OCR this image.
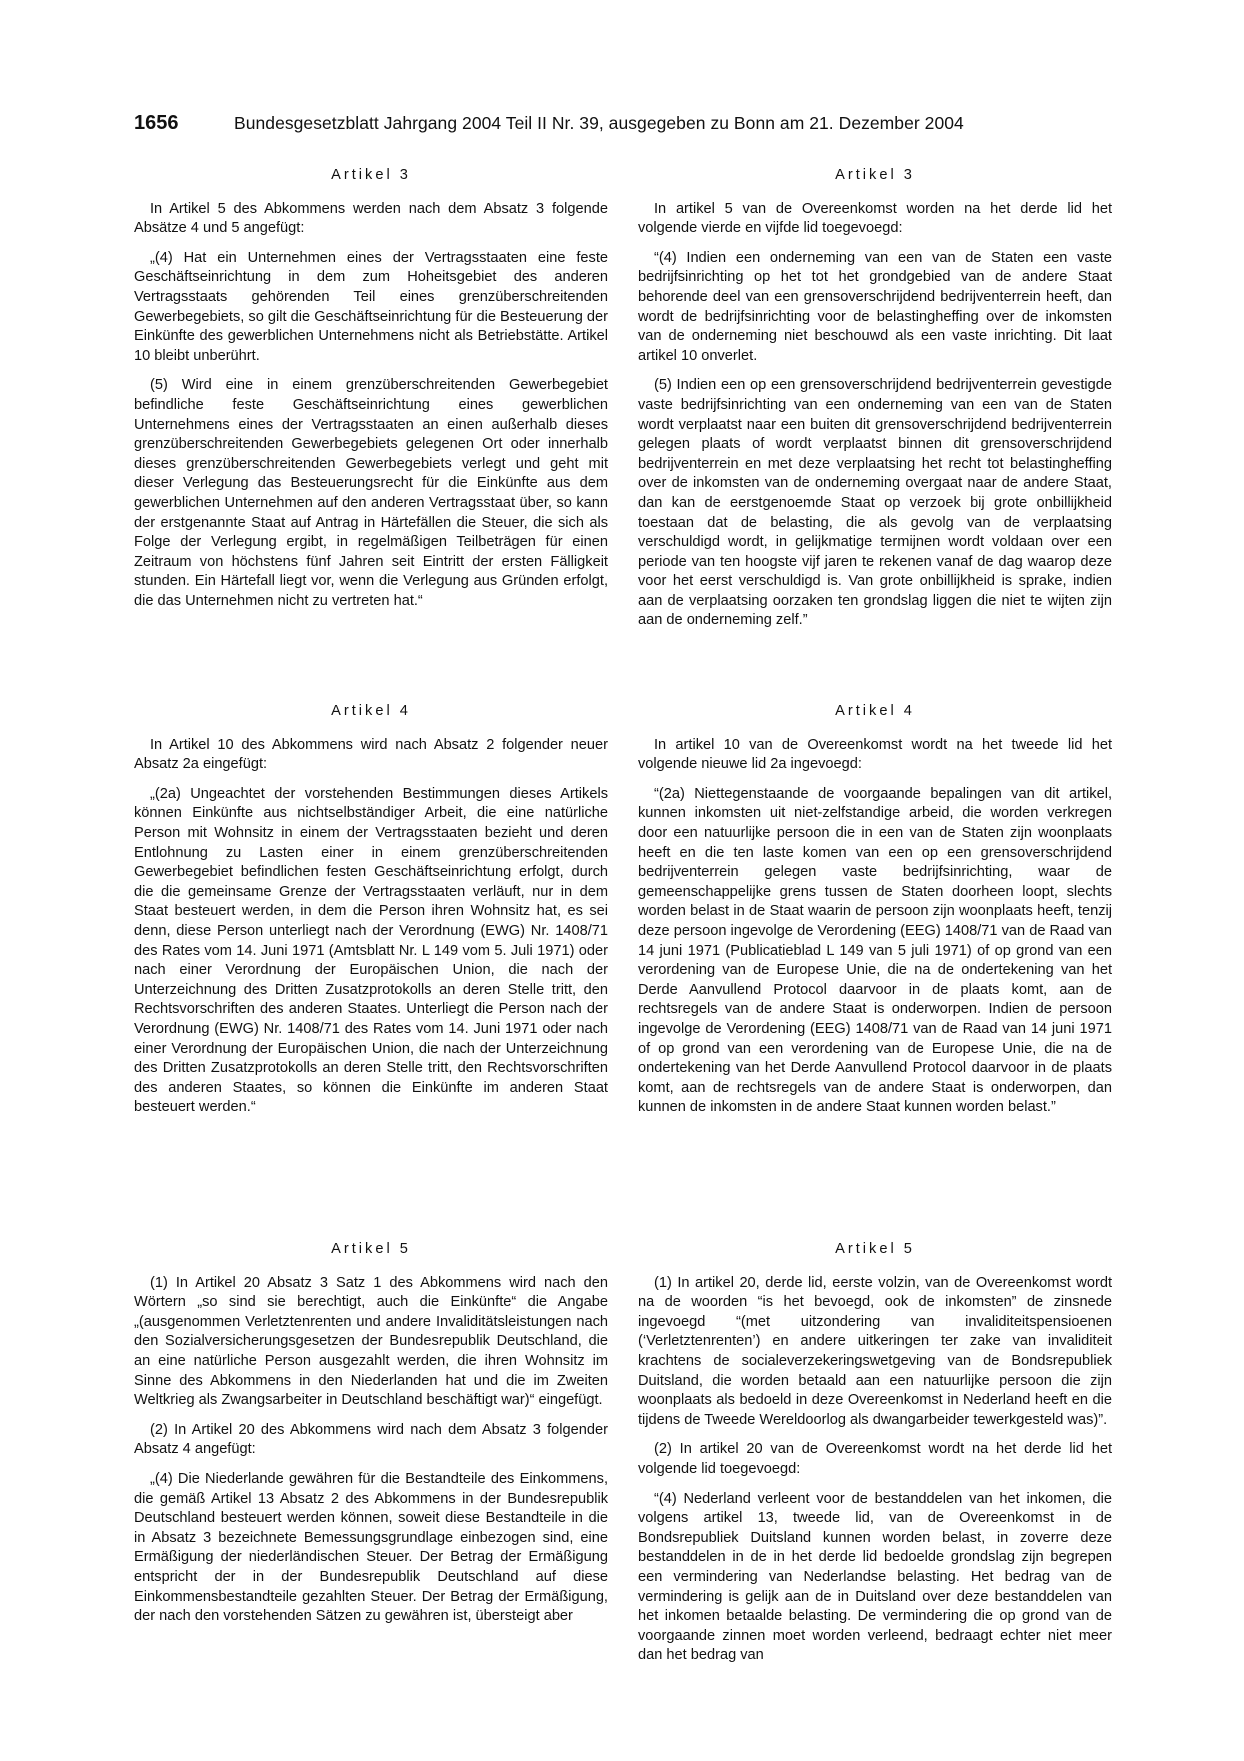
1656	Bundesgesetzblatt Jahrgang 2004 Teil II Nr. 39, ausgegeben zu Bonn am 21. Dezember 2004
Artikel 3

In Artikel 5 des Abkommens werden nach dem Absatz 3 folgende Absätze 4 und 5 angefügt:

„(4) Hat ein Unternehmen eines der Vertragsstaaten eine feste Geschäftseinrichtung in dem zum Hoheitsgebiet des anderen Vertragsstaats gehörenden Teil eines grenzüberschreitenden Gewerbegebiets, so gilt die Geschäftseinrichtung für die Besteuerung der Einkünfte des gewerblichen Unternehmens nicht als Betriebstätte. Artikel 10 bleibt unberührt.

(5) Wird eine in einem grenzüberschreitenden Gewerbegebiet befindliche feste Geschäftseinrichtung eines gewerblichen Unternehmens eines der Vertragsstaaten an einen außerhalb dieses grenzüberschreitenden Gewerbegebiets gelegenen Ort oder innerhalb dieses grenzüberschreitenden Gewerbegebiets verlegt und geht mit dieser Verlegung das Besteuerungsrecht für die Einkünfte aus dem gewerblichen Unternehmen auf den anderen Vertragsstaat über, so kann der erstgenannte Staat auf Antrag in Härtefällen die Steuer, die sich als Folge der Verlegung ergibt, in regelmäßigen Teilbeträgen für einen Zeitraum von höchstens fünf Jahren seit Eintritt der ersten Fälligkeit stunden. Ein Härtefall liegt vor, wenn die Verlegung aus Gründen erfolgt, die das Unternehmen nicht zu vertreten hat.“

Artikel 4

In Artikel 10 des Abkommens wird nach Absatz 2 folgender neuer Absatz 2a eingefügt:

„(2a) Ungeachtet der vorstehenden Bestimmungen dieses Artikels können Einkünfte aus nichtselbständiger Arbeit, die eine natürliche Person mit Wohnsitz in einem der Vertragsstaaten bezieht und deren Entlohnung zu Lasten einer in einem grenzüberschreitenden Gewerbegebiet befindlichen festen Geschäftseinrichtung erfolgt, durch die die gemeinsame Grenze der Vertragsstaaten verläuft, nur in dem Staat besteuert werden, in dem die Person ihren Wohnsitz hat, es sei denn, diese Person unterliegt nach der Verordnung (EWG) Nr. 1408/71 des Rates vom 14. Juni 1971 (Amtsblatt Nr. L 149 vom 5. Juli 1971) oder nach einer Verordnung der Europäischen Union, die nach der Unterzeichnung des Dritten Zusatzprotokolls an deren Stelle tritt, den Rechtsvorschriften des anderen Staates. Unterliegt die Person nach der Verordnung (EWG) Nr. 1408/71 des Rates vom 14. Juni 1971 oder nach einer Verordnung der Europäischen Union, die nach der Unterzeichnung des Dritten Zusatzprotokolls an deren Stelle tritt, den Rechtsvorschriften des anderen Staates, so können die Einkünfte im anderen Staat besteuert werden.“

Artikel 5

(1) In Artikel 20 Absatz 3 Satz 1 des Abkommens wird nach den Wörtern „so sind sie berechtigt, auch die Einkünfte“ die Angabe „(ausgenommen Verletztenrenten und andere Invaliditätsleistungen nach den Sozialversicherungsgesetzen der Bundesrepublik Deutschland, die an eine natürliche Person ausgezahlt werden, die ihren Wohnsitz im Sinne des Abkommens in den Niederlanden hat und die im Zweiten Weltkrieg als Zwangsarbeiter in Deutschland beschäftigt war)“ eingefügt.

(2) In Artikel 20 des Abkommens wird nach dem Absatz 3 folgender Absatz 4 angefügt:

„(4) Die Niederlande gewähren für die Bestandteile des Einkommens, die gemäß Artikel 13 Absatz 2 des Abkommens in der Bundesrepublik Deutschland besteuert werden können, soweit diese Bestandteile in die in Absatz 3 bezeichnete Bemessungsgrundlage einbezogen sind, eine Ermäßigung der niederländischen Steuer. Der Betrag der Ermäßigung entspricht der in der Bundesrepublik Deutschland auf diese Einkommensbestandteile gezahlten Steuer. Der Betrag der Ermäßigung, der nach den vorstehenden Sätzen zu gewähren ist, übersteigt aber

Artikel 3

In artikel 5 van de Overeenkomst worden na het derde lid het volgende vierde en vijfde lid toegevoegd:

“(4) Indien een onderneming van een van de Staten een vaste bedrijfsinrichting op het tot het grondgebied van de andere Staat behorende deel van een grensoverschrijdend bedrijventerrein heeft, dan wordt de bedrijfsinrichting voor de belastingheffing over de inkomsten van de onderneming niet beschouwd als een vaste inrichting. Dit laat artikel 10 onverlet.

(5) Indien een op een grensoverschrijdend bedrijventerrein gevestigde vaste bedrijfsinrichting van een onderneming van een van de Staten wordt verplaatst naar een buiten dit grensoverschrijdend bedrijventerrein gelegen plaats of wordt verplaatst binnen dit grensoverschrijdend bedrijventerrein en met deze verplaatsing het recht tot belastingheffing over de inkomsten van de onderneming overgaat naar de andere Staat, dan kan de eerstgenoemde Staat op verzoek bij grote onbillijkheid toestaan dat de belasting, die als gevolg van de verplaatsing verschuldigd wordt, in gelijkmatige termijnen wordt voldaan over een periode van ten hoogste vijf jaren te rekenen vanaf de dag waarop deze voor het eerst verschuldigd is. Van grote onbillijkheid is sprake, indien aan de verplaatsing oorzaken ten grondslag liggen die niet te wijten zijn aan de onderneming zelf.”

Artikel 4

In artikel 10 van de Overeenkomst wordt na het tweede lid het volgende nieuwe lid 2a ingevoegd:

“(2a) Niettegenstaande de voorgaande bepalingen van dit artikel, kunnen inkomsten uit niet-zelfstandige arbeid, die worden verkregen door een natuurlijke persoon die in een van de Staten zijn woonplaats heeft en die ten laste komen van een op een grensoverschrijdend bedrijventerrein gelegen vaste bedrijfsinrichting, waar de gemeenschappelijke grens tussen de Staten doorheen loopt, slechts worden belast in de Staat waarin de persoon zijn woonplaats heeft, tenzij deze persoon ingevolge de Verordening (EEG) 1408/71 van de Raad van 14 juni 1971 (Publicatieblad L 149 van 5 juli 1971) of op grond van een verordening van de Europese Unie, die na de ondertekening van het Derde Aanvullend Protocol daarvoor in de plaats komt, aan de rechtsregels van de andere Staat is onderworpen. Indien de persoon ingevolge de Verordening (EEG) 1408/71 van de Raad van 14 juni 1971 of op grond van een verordening van de Europese Unie, die na de ondertekening van het Derde Aanvullend Protocol daarvoor in de plaats komt, aan de rechtsregels van de andere Staat is onderworpen, dan kunnen de inkomsten in de andere Staat kunnen worden belast.”

Artikel 5

(1) In artikel 20, derde lid, eerste volzin, van de Overeenkomst wordt na de woorden “is het bevoegd, ook de inkomsten” de zinsnede ingevoegd “(met uitzondering van invaliditeitspensioenen (‘Verletztenrenten’) en andere uitkeringen ter zake van invaliditeit krachtens de socialeverzekeringswetgeving van de Bondsrepubliek Duitsland, die worden betaald aan een natuurlijke persoon die zijn woonplaats als bedoeld in deze Overeenkomst in Nederland heeft en die tijdens de Tweede Wereldoorlog als dwangarbeider tewerkgesteld was)”.

(2) In artikel 20 van de Overeenkomst wordt na het derde lid het volgende lid toegevoegd:

“(4) Nederland verleent voor de bestanddelen van het inkomen, die volgens artikel 13, tweede lid, van de Overeenkomst in de Bondsrepubliek Duitsland kunnen worden belast, in zoverre deze bestanddelen in de in het derde lid bedoelde grondslag zijn begrepen een vermindering van Nederlandse belasting. Het bedrag van de vermindering is gelijk aan de in Duitsland over deze bestanddelen van het inkomen betaalde belasting. De vermindering die op grond van de voorgaande zinnen moet worden verleend, bedraagt echter niet meer dan het bedrag van
